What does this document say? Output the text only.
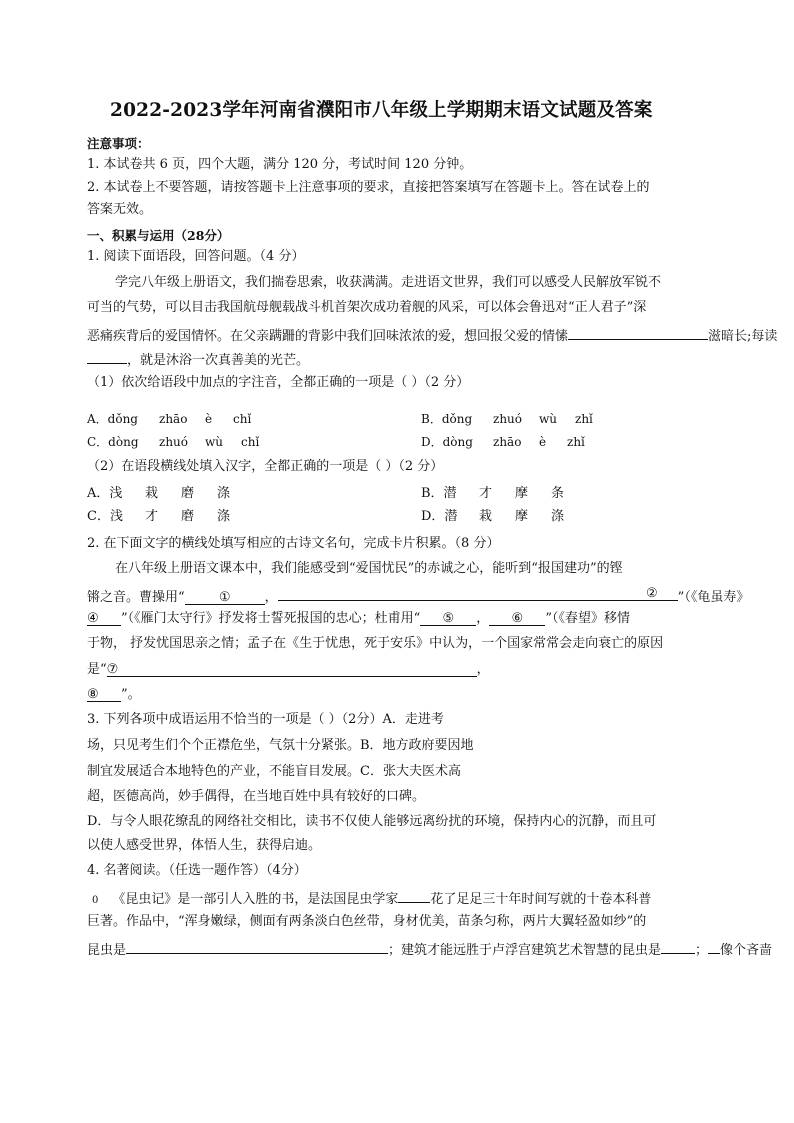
2022-2023学年河南省濮阳市八年级上学期期末语文试题及答案
注意事项：
1. 本试卷共 6 页，四个大题，满分 120 分，考试时间 120 分钟。
2. 本试卷上不要答题，请按答题卡上注意事项的要求，直接把答案填写在答题卡上。答在试卷上的
答案无效。
一、积累与运用（28分）
1. 阅读下面语段，回答问题。（4 分）
学完八年级上册语文，我们揣卷思索，收获满满。走进语文世界，我们可以感受人民解放军锐不
可当的气势，可以目击我国航母舰载战斗机首架次成功着舰的风采，可以体会鲁迅对“正人君子”深
恶痛疾背后的爱国情怀。在父亲蹒跚的背影中我们回味浓浓的爱，想回报父爱的情愫	滋暗长;每读
，就是沐浴一次真善美的光芒。
（1）依次给语段中加点的字注音，全都正确的一项是（ ）（2 分）
A．dǒng zhāo è chǐ	B．dǒng zhuó wù zhǐ
C．dòng zhuó wù chǐ	D．dòng zhāo è zhǐ
（2）在语段横线处填入汉字，全都正确的一项是（ ）（2 分）
A．浅 栽 磨 涤	B．潜 才 摩 条
C．浅 才 磨 涤	D．潜 栽 摩 涤
2. 在下面文字的横线处填写相应的古诗文名句，完成卡片积累。（8 分）
在八年级上册语文课本中，我们能感受到“爱国忧民”的赤诚之心，能听到“报国建功”的铿
锵之音。曹操用“	①	，	② ”（《龟虽寿》
④ ”（《雁门太守行》抒发将士誓死报国的忠心；杜甫用“ ⑤ ， ⑥ ”（《春望》移情
于物， 抒发忧国思亲之情；孟子在《生于忧患，死于安乐》中认为，一个国家常常会走向衰亡的原因
是“⑦	，
⑧ ”。
3. 下列各项中成语运用不恰当的一项是（ ）（2分）A．走进考
场，只见考生们个个正襟危坐，气氛十分紧张。B．地方政府要因地
制宜发展适合本地特色的产业，不能盲目发展。C．张大夫医术高
超，医德高尚，妙手偶得，在当地百姓中具有较好的口碑。
D．与令人眼花缭乱的网络社交相比，读书不仅使人能够远离纷扰的环境，保持内心的沉静，而且可
以使人感受世界，体悟人生，获得启迪。
4. 名著阅读。（任选一题作答）（4分）
0 《昆虫记》是一部引人入胜的书，是法国昆虫学家 花了足足三十年时间写就的十卷本科普
巨著。作品中，“浑身嫩绿，侧面有两条淡白色丝带，身材优美，苗条匀称，两片大翼轻盈如纱”的
昆虫是	；建筑才能远胜于卢浮宫建筑艺术智慧的昆虫是	； 像个吝啬
